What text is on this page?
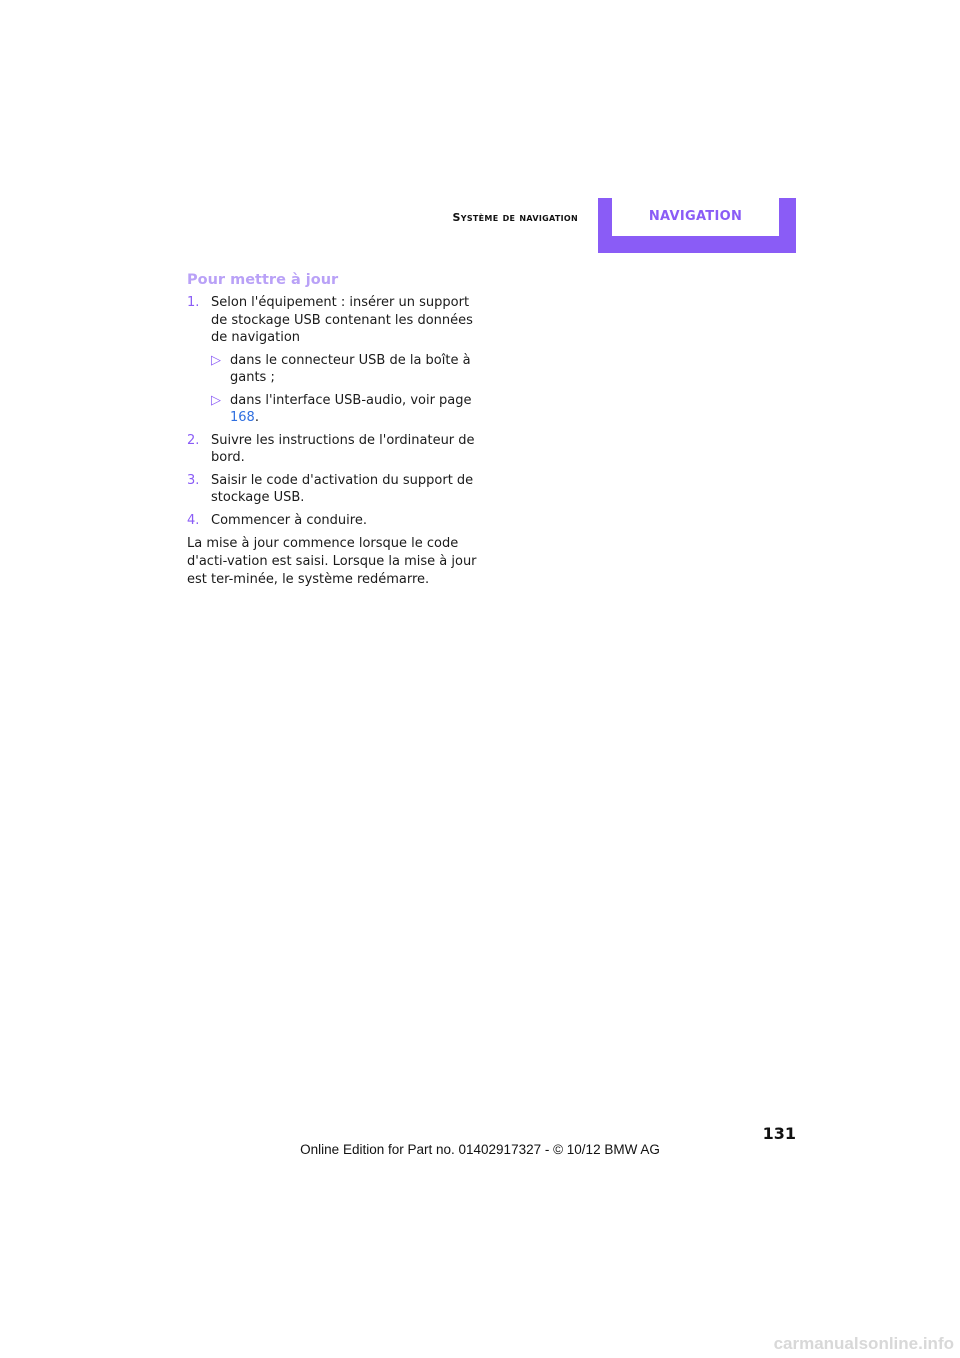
Système de navigation	NAVIGATION
Pour mettre à jour
1. Selon l'équipement : insérer un support de stockage USB contenant les données de navigation
▷ dans le connecteur USB de la boîte à gants ;
▷ dans l'interface USB-audio, voir page 168.
2. Suivre les instructions de l'ordinateur de bord.
3. Saisir le code d'activation du support de stockage USB.
4. Commencer à conduire.
La mise à jour commence lorsque le code d'acti-vation est saisi. Lorsque la mise à jour est ter-minée, le système redémarre.
131
Online Edition for Part no. 01402917327 - © 10/12 BMW AG
carmanualsonline.info
